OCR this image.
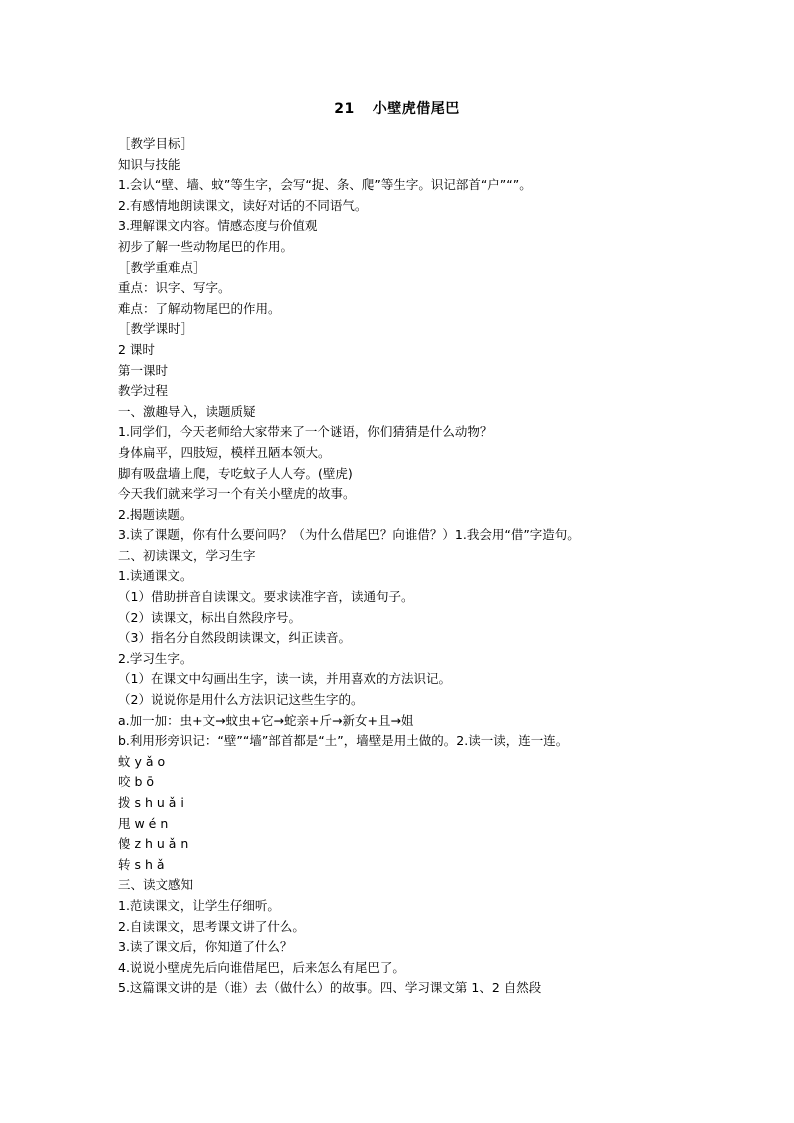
21 小壁虎借尾巴
［教学目标］
知识与技能
1.会认“壁、墙、蚊”等生字，会写“捉、条、爬”等生字。识记部首“户”“”。
2.有感情地朗读课文，读好对话的不同语气。
3.理解课文内容。情感态度与价值观
初步了解一些动物尾巴的作用。
［教学重难点］
重点：识字、写字。
难点：了解动物尾巴的作用。
［教学课时］
2 课时
第一课时
教学过程
一、激趣导入，读题质疑
1.同学们，今天老师给大家带来了一个谜语，你们猜猜是什么动物？
身体扁平，四肢短，模样丑陋本领大。
脚有吸盘墙上爬，专吃蚊子人人夸。(壁虎)
今天我们就来学习一个有关小壁虎的故事。
2.揭题读题。
3.读了课题，你有什么要问吗？（为什么借尾巴？向谁借？）1.我会用“借”字造句。
二、初读课文，学习生字
1.读通课文。
（1）借助拼音自读课文。要求读准字音，读通句子。
（2）读课文，标出自然段序号。
（3）指名分自然段朗读课文，纠正读音。
2.学习生字。
（1）在课文中勾画出生字，读一读，并用喜欢的方法识记。
（2）说说你是用什么方法识记这些生字的。
a.加一加：虫+文→蚊虫+它→蛇亲+斤→新女+且→姐
b.利用形旁识记：“壁”“墙”部首都是“土”，墙壁是用土做的。2.读一读，连一连。
蚊 y ǎ o
咬 b ō
拨 s h u ǎ i
甩 w é n
傻 z h u ǎ n
转 s h ǎ
三、读文感知
1.范读课文，让学生仔细听。
2.自读课文，思考课文讲了什么。
3.读了课文后，你知道了什么？
4.说说小壁虎先后向谁借尾巴，后来怎么有尾巴了。
5.这篇课文讲的是（谁）去（做什么）的故事。四、学习课文第 1、2 自然段
